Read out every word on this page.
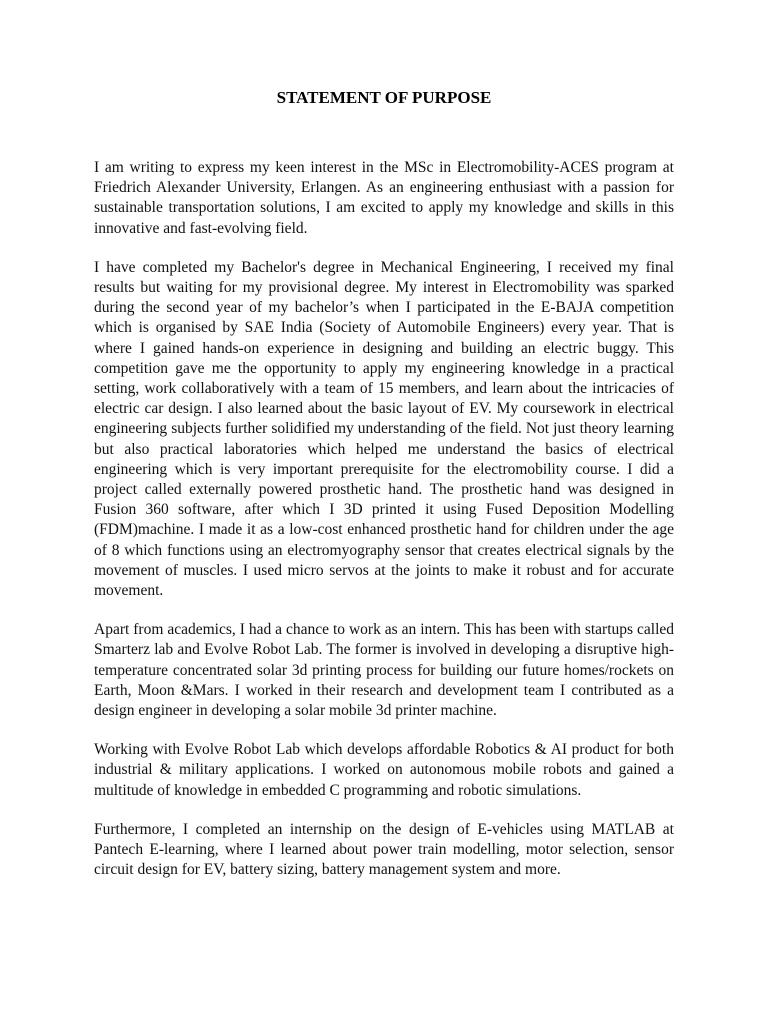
STATEMENT OF PURPOSE

I am writing to express my keen interest in the MSc in Electromobility-ACES program at Friedrich Alexander University, Erlangen. As an engineering enthusiast with a passion for sustainable transportation solutions, I am excited to apply my knowledge and skills in this innovative and fast-evolving field.

I have completed my Bachelor's degree in Mechanical Engineering, I received my final results but waiting for my provisional degree. My interest in Electromobility was sparked during the second year of my bachelor’s when I participated in the E-BAJA competition which is organised by SAE India (Society of Automobile Engineers) every year. That is where I gained hands-on experience in designing and building an electric buggy. This competition gave me the opportunity to apply my engineering knowledge in a practical setting, work collaboratively with a team of 15 members, and learn about the intricacies of electric car design. I also learned about the basic layout of EV. My coursework in electrical engineering subjects further solidified my understanding of the field. Not just theory learning but also practical laboratories which helped me understand the basics of electrical engineering which is very important prerequisite for the electromobility course. I did a project called externally powered prosthetic hand. The prosthetic hand was designed in Fusion 360 software, after which I 3D printed it using Fused Deposition Modelling (FDM)machine. I made it as a low-cost enhanced prosthetic hand for children under the age of 8 which functions using an electromyography sensor that creates electrical signals by the movement of muscles. I used micro servos at the joints to make it robust and for accurate movement.

Apart from academics, I had a chance to work as an intern. This has been with startups called Smarterz lab and Evolve Robot Lab. The former is involved in developing a disruptive high-temperature concentrated solar 3d printing process for building our future homes/rockets on Earth, Moon &Mars. I worked in their research and development team I contributed as a design engineer in developing a solar mobile 3d printer machine.

Working with Evolve Robot Lab which develops affordable Robotics & AI product for both industrial & military applications. I worked on autonomous mobile robots and gained a multitude of knowledge in embedded C programming and robotic simulations.

Furthermore, I completed an internship on the design of E-vehicles using MATLAB at Pantech E-learning, where I learned about power train modelling, motor selection, sensor circuit design for EV, battery sizing, battery management system and more.
